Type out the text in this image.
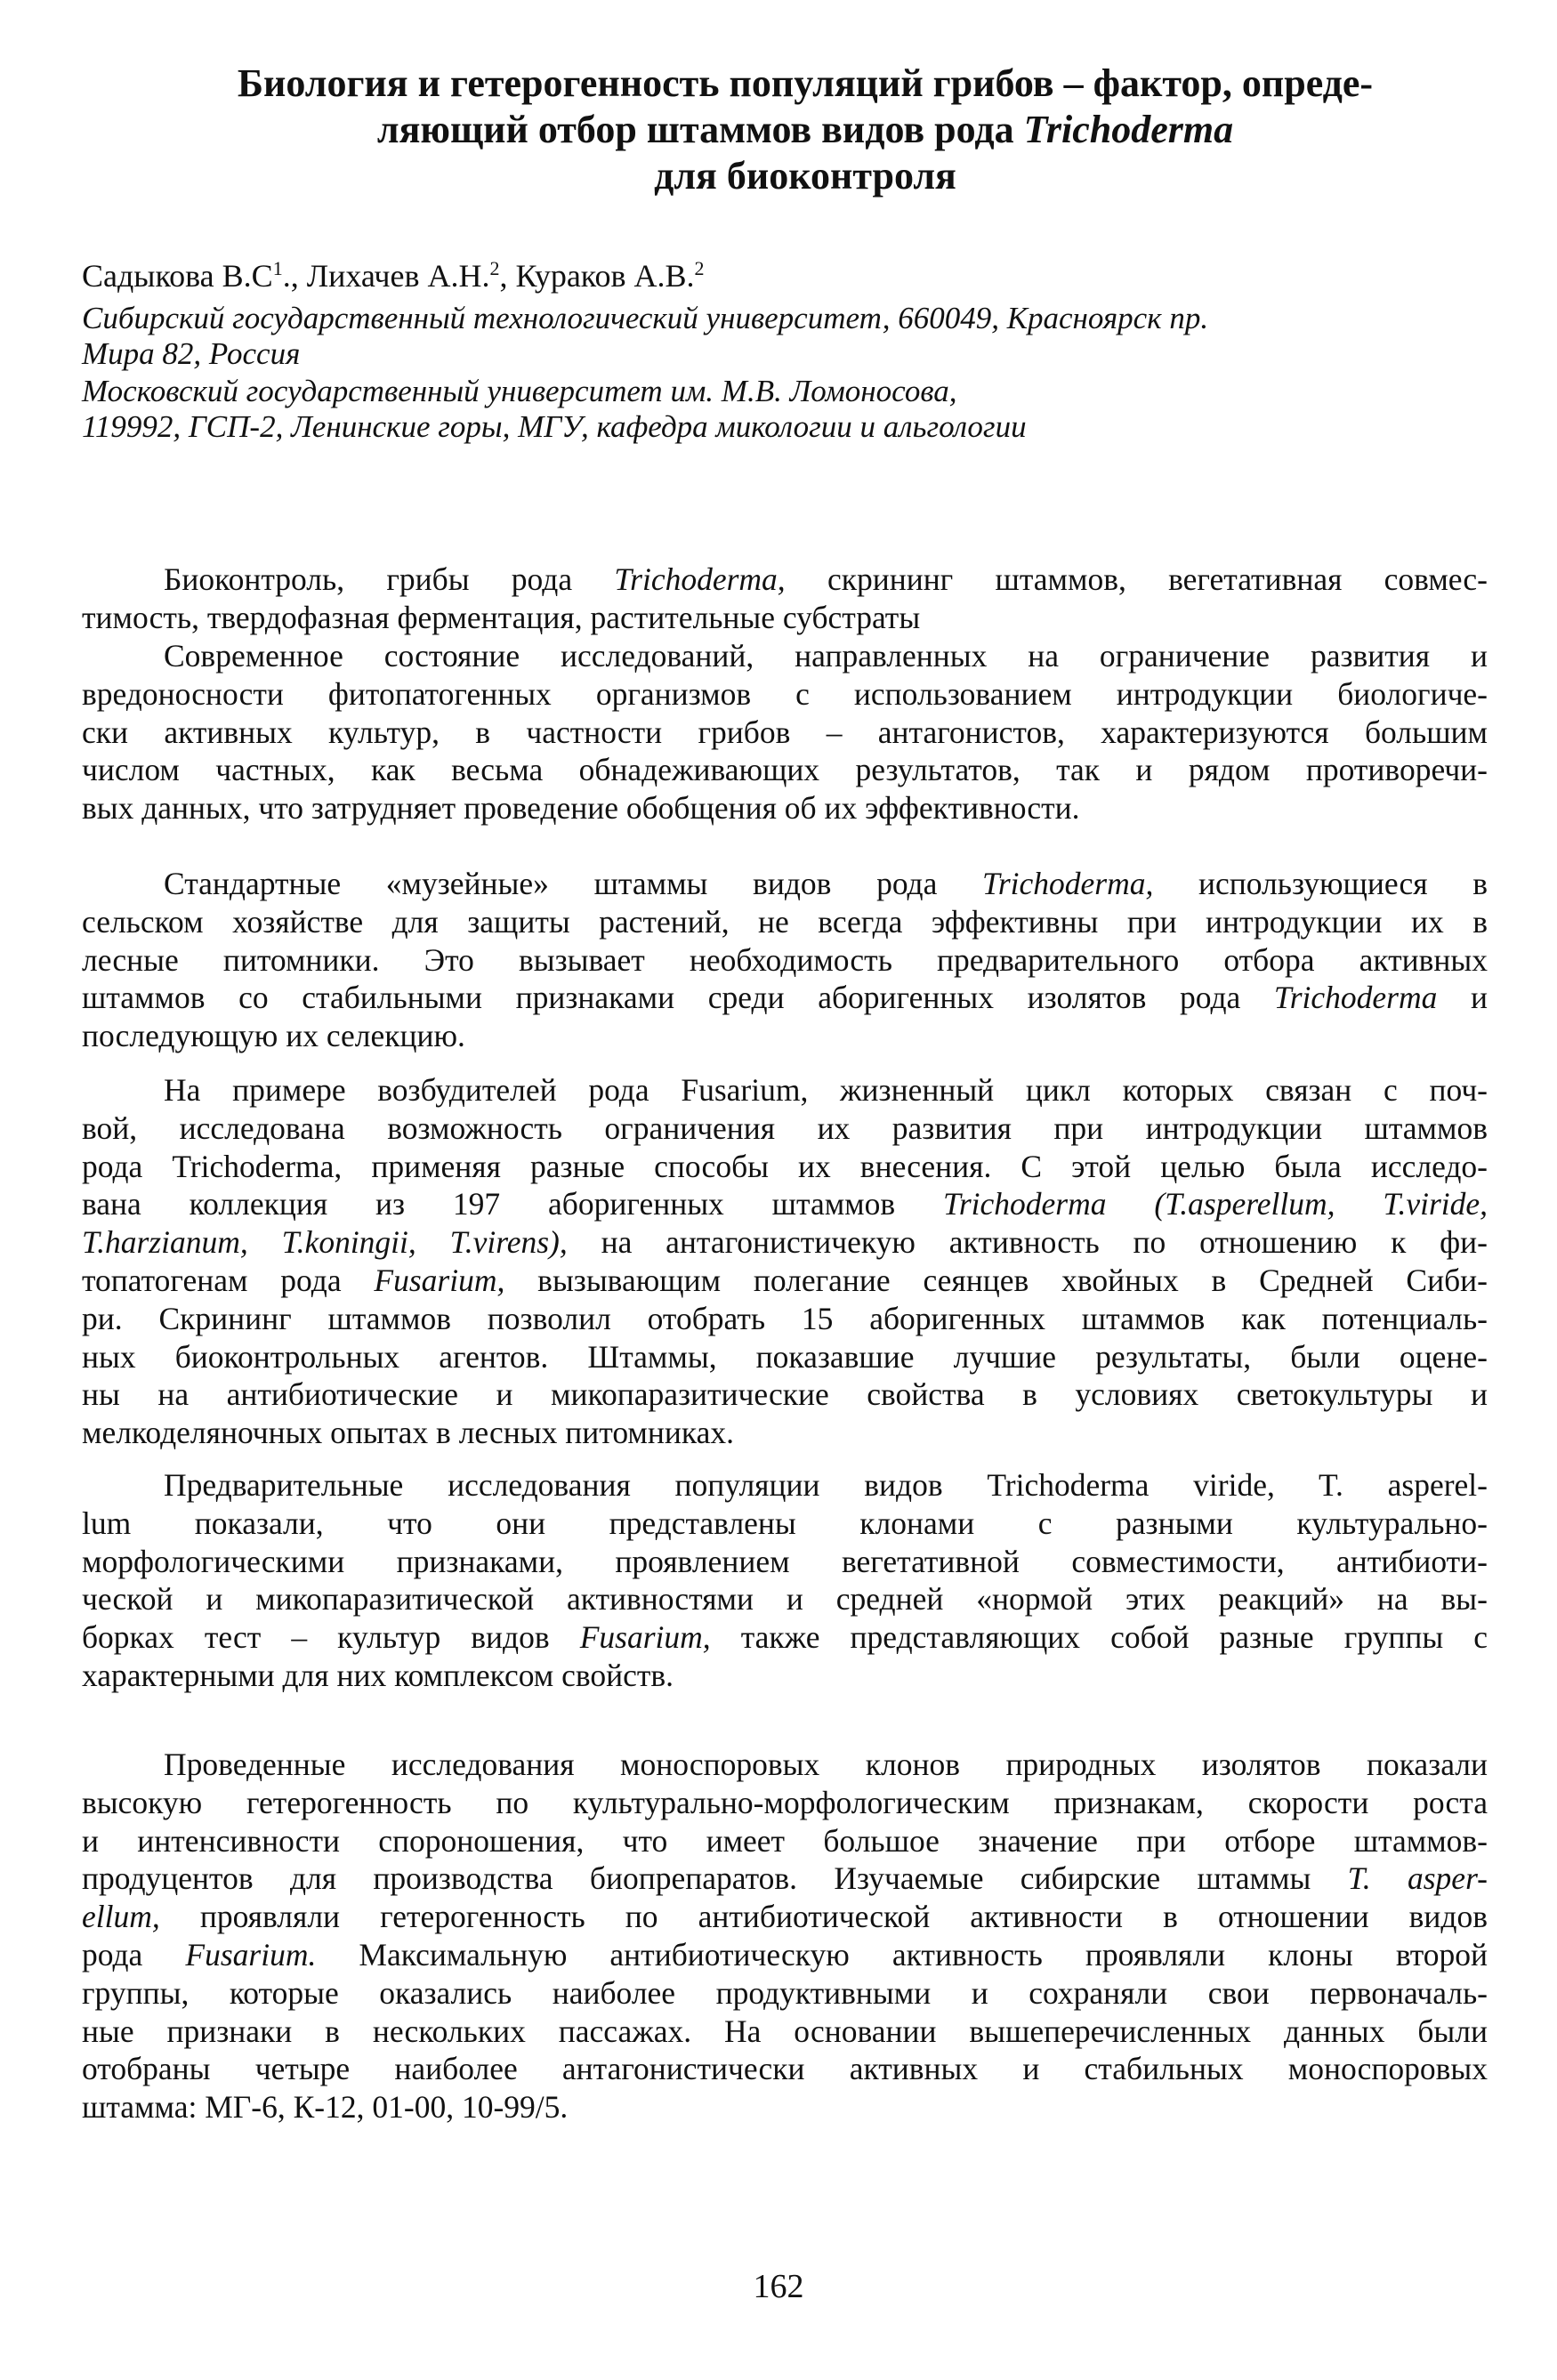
Биология и гетерогенность популяций грибов – фактор, опреде-
ляющий отбор штаммов видов рода Trichoderma
для биоконтроля

Садыкова $В.С^1$., Лихачев А.Н.$^2$, Кураков А.В.$^2$

Сибирский государственный технологический университет, 660049, Красноярск пр.
Мира 82, Россия

Московский государственный университет им. М.В. Ломоносова,
119992, ГСП-2, Ленинские горы, МГУ, кафедра микологии и альгологии

Биоконтроль, грибы рода Trichoderma, скрининг штаммов, вегетативная совмес-
тимость, твердофазная ферментация, растительные субстраты
Современное состояние исследований, направленных на ограничение развития и
вредоносности фитопатогенных организмов с использованием интродукции биологиче-
ски активных культур, в частности грибов – антагонистов, характеризуются большим
числом частных, как весьма обнадеживающих результатов, так и рядом противоречи-
вых данных, что затрудняет проведение обобщения об их эффективности.
Стандартные «музейные» штаммы видов рода Trichoderma, использующиеся в
сельском хозяйстве для защиты растений, не всегда эффективны при интродукции их в
лесные питомники. Это вызывает необходимость предварительного отбора активных
штаммов со стабильными признаками среди аборигенных изолятов рода Trichoderma и
последующую их селекцию.
На примере возбудителей рода Fusarium, жизненный цикл которых связан с поч-
вой, исследована возможность ограничения их развития при интродукции штаммов
рода Trichoderma, применяя разные способы их внесения. С этой целью была исследо-
вана коллекция из 197 аборигенных штаммов Trichoderma (T.asperellum, T.viride,
T.harzianum, T.koningii, T.virens), на антагонистичекую активность по отношению к фи-
топатогенам рода Fusarium, вызывающим полегание сеянцев хвойных в Средней Сиби-
ри. Скрининг штаммов позволил отобрать 15 аборигенных штаммов как потенциаль-
ных биоконтрольных агентов. Штаммы, показавшие лучшие результаты, были оцене-
ны на антибиотические и микопаразитические свойства в условиях светокультуры и
мелкоделяночных опытах в лесных питомниках.
Предварительные исследования популяции видов Trichoderma viride, T. asperel-
lum показали, что они представлены клонами с разными культурально-
морфологическими признаками, проявлением вегетативной совместимости, антибиоти-
ческой и микопаразитической активностями и средней «нормой этих реакций» на вы-
борках тест – культур видов Fusarium, также представляющих собой разные группы с
характерными для них комплексом свойств.
Проведенные исследования моноспоровых клонов природных изолятов показали
высокую гетерогенность по культурально-морфологическим признакам, скорости роста
и интенсивности спороношения, что имеет большое значение при отборе штаммов-
продуцентов для производства биопрепаратов. Изучаемые сибирские штаммы T. asper-
ellum, проявляли гетерогенность по антибиотической активности в отношении видов
рода Fusarium. Максимальную антибиотическую активность проявляли клоны второй
группы, которые оказались наиболее продуктивными и сохраняли свои первоначаль-
ные признаки в нескольких пассажах. На основании вышеперечисленных данных были
отобраны четыре наиболее антагонистически активных и стабильных моноспоровых
штамма: МГ-6, К-12, 01-00, 10-99/5.

162
